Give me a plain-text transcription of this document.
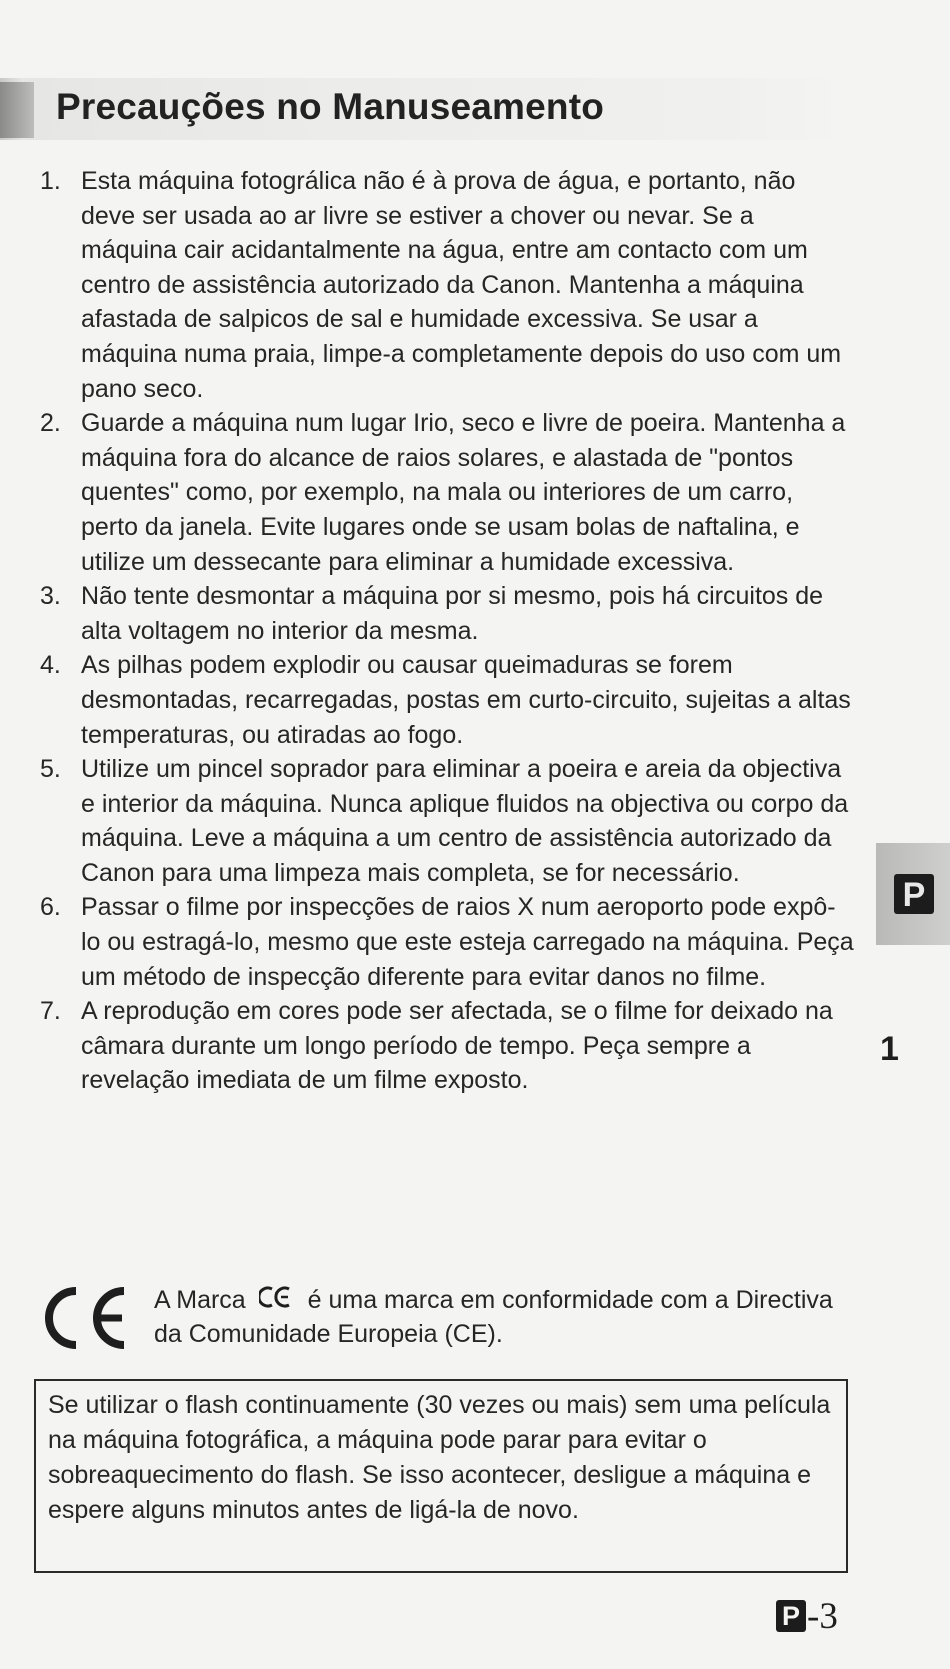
Precauções no Manuseamento
1. Esta máquina fotográlica não é à prova de água, e portanto, não deve ser usada ao ar livre se estiver a chover ou nevar. Se a máquina cair acidantalmente na água, entre am contacto com um centro de assistência autorizado da Canon. Mantenha a máquina afastada de salpicos de sal e humidade excessiva. Se usar a máquina numa praia, limpe-a completamente depois do uso com um pano seco.
2. Guarde a máquina num lugar Irio, seco e livre de poeira. Mantenha a máquina fora do alcance de raios solares, e alastada de "pontos quentes" como, por exemplo, na mala ou interiores de um carro, perto da janela. Evite lugares onde se usam bolas de naftalina, e utilize um dessecante para eliminar a humidade excessiva.
3. Não tente desmontar a máquina por si mesmo, pois há circuitos de alta voltagem no interior da mesma.
4. As pilhas podem explodir ou causar queimaduras se forem desmontadas, recarregadas, postas em curto-circuito, sujeitas a altas temperaturas, ou atiradas ao fogo.
5. Utilize um pincel soprador para eliminar a poeira e areia da objectiva e interior da máquina. Nunca aplique fluidos na objectiva ou corpo da máquina. Leve a máquina a um centro de assistência autorizado da Canon para uma limpeza mais completa, se for necessário.
6. Passar o filme por inspecções de raios X num aeroporto pode expô-lo ou estragá-lo, mesmo que este esteja carregado na máquina. Peça um método de inspecção diferente para evitar danos no filme.
7. A reprodução em cores pode ser afectada, se o filme for deixado na câmara durante um longo período de tempo. Peça sempre a revelação imediata de um filme exposto.
A Marca é uma marca em conformidade com a Directiva da Comunidade Europeia (CE).
Se utilizar o flash continuamente (30 vezes ou mais) sem uma película na máquina fotográfica, a máquina pode parar para evitar o sobreaquecimento do flash. Se isso acontecer, desligue a máquina e espere alguns minutos antes de ligá-la de novo.
P
1
P -3
